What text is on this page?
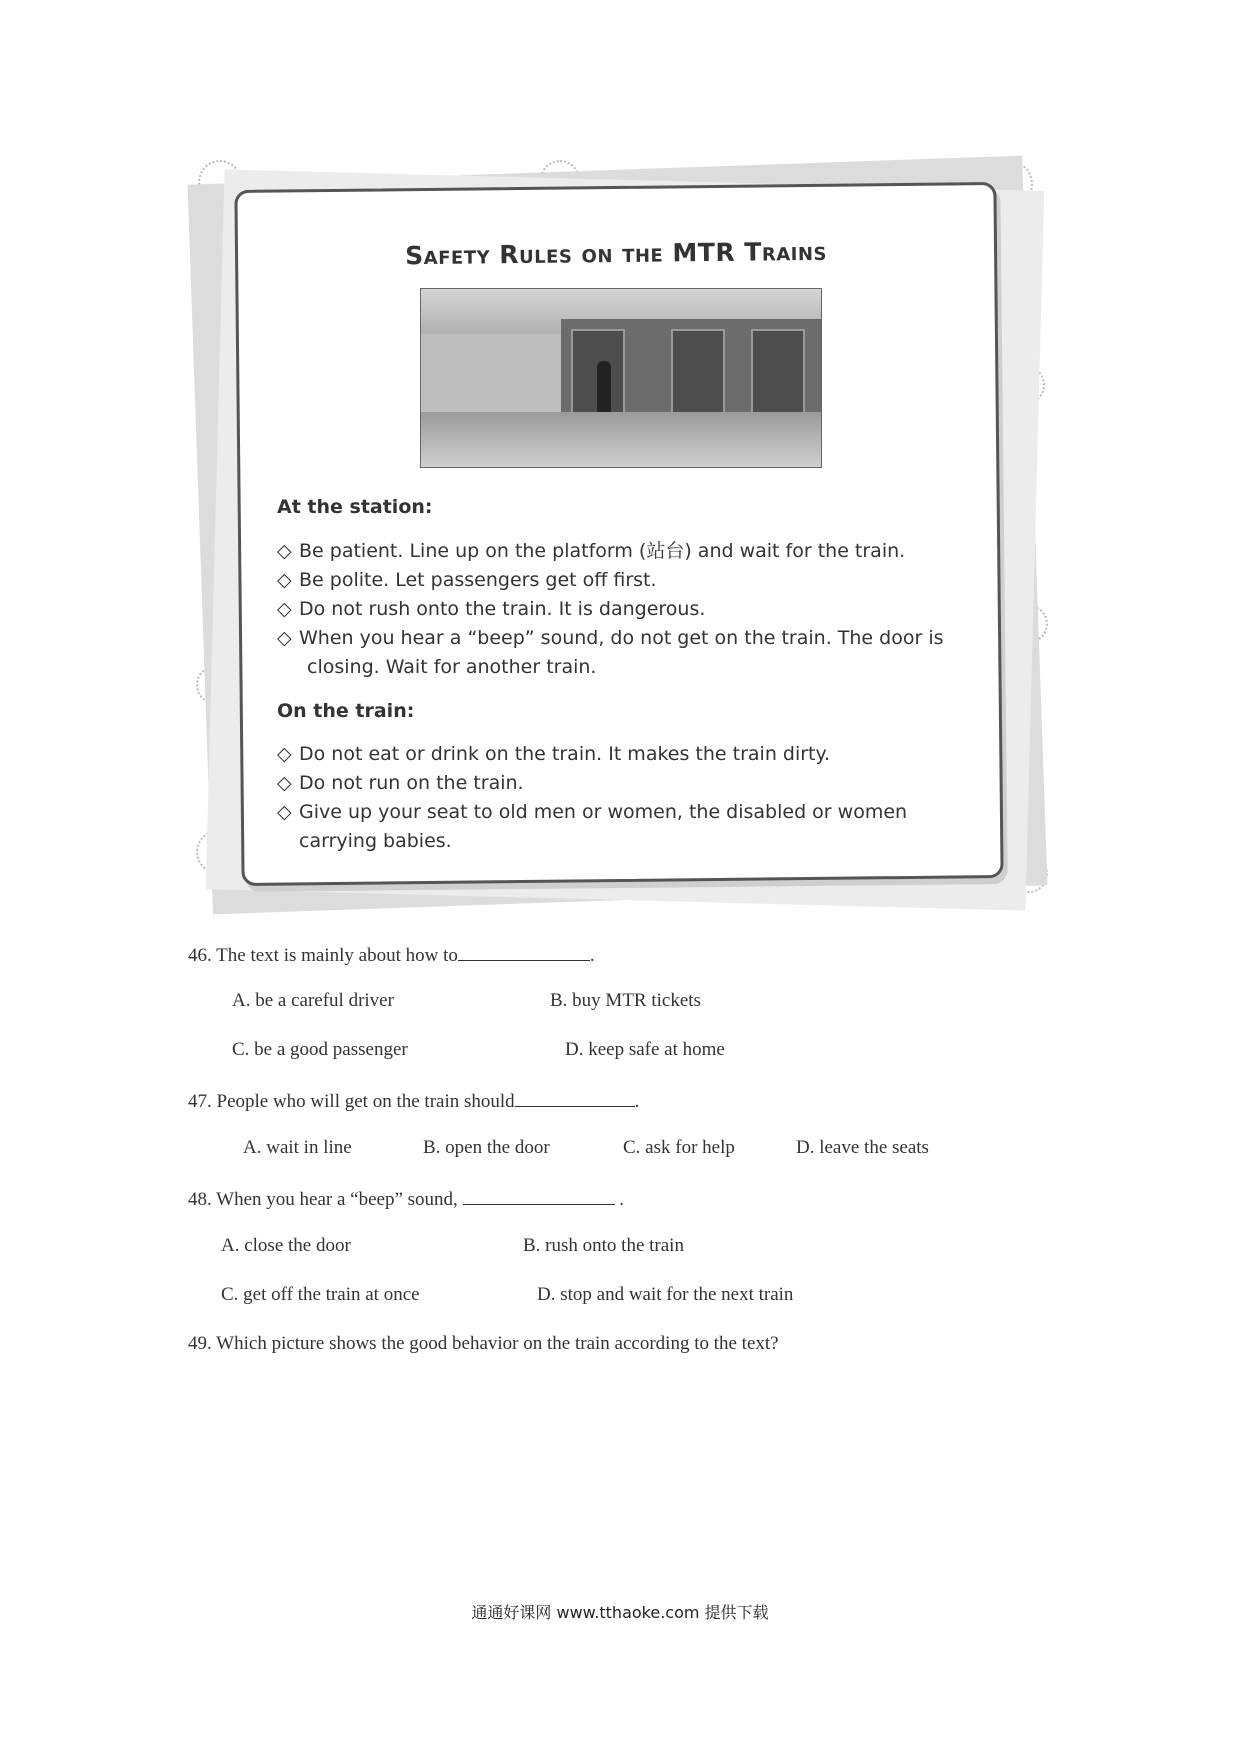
Safety Rules on the MTR Trains
At the station:
◇ Be patient. Line up on the platform (站台) and wait for the train.
◇ Be polite. Let passengers get off first.
◇ Do not rush onto the train. It is dangerous.
◇ When you hear a “beep” sound, do not get on the train. The door is
closing. Wait for another train.
On the train:
◇ Do not eat or drink on the train. It makes the train dirty.
◇ Do not run on the train.
◇ Give up your seat to old men or women, the disabled or women
carrying babies.
46. The text is mainly about how to	.
A. be a careful driver	B. buy MTR tickets
C. be a good passenger	D. keep safe at home
47. People who will get on the train should	.
A. wait in line	B. open the door	C. ask for help	D. leave the seats
48. When you hear a “beep” sound,	.
A. close the door	B. rush onto the train
C. get off the train at once	D. stop and wait for the next train
49. Which picture shows the good behavior on the train according to the text?
通通好课网 www.tthaoke.com 提供下载
